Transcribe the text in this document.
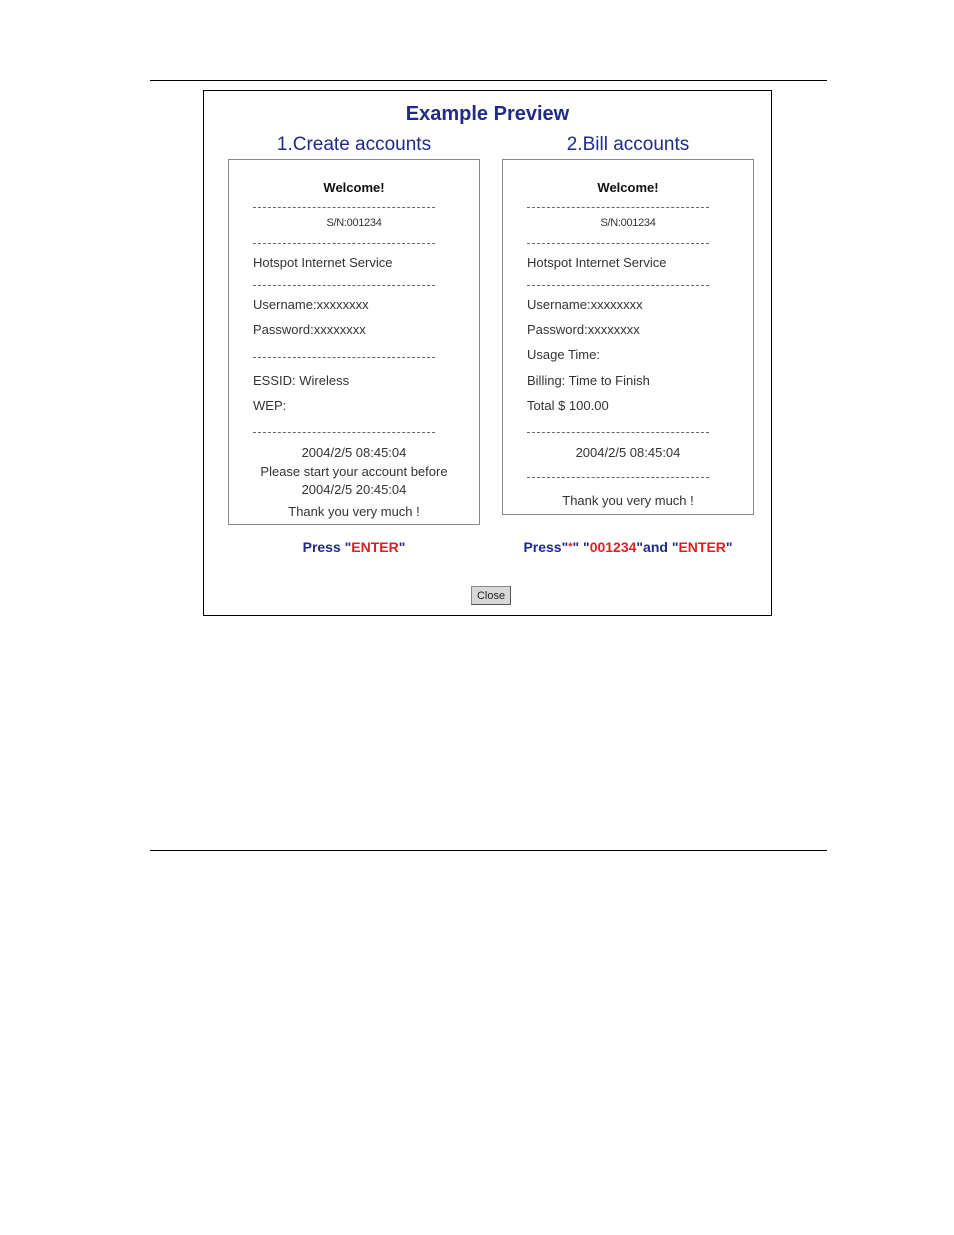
Example Preview
1.Create accounts	2.Bill accounts
Welcome!
S/N:001234
Hotspot Internet Service
Username:xxxxxxxx
Password:xxxxxxxx
ESSID: Wireless
WEP:
2004/2/5 08:45:04
Please start your account before
2004/2/5 20:45:04
Thank you very much !
Welcome!
S/N:001234
Hotspot Internet Service
Username:xxxxxxxx
Password:xxxxxxxx
Usage Time:
Billing: Time to Finish
Total $ 100.00
2004/2/5 08:45:04
Thank you very much !
Press "ENTER"	Press"*" "001234"and "ENTER"
Close
